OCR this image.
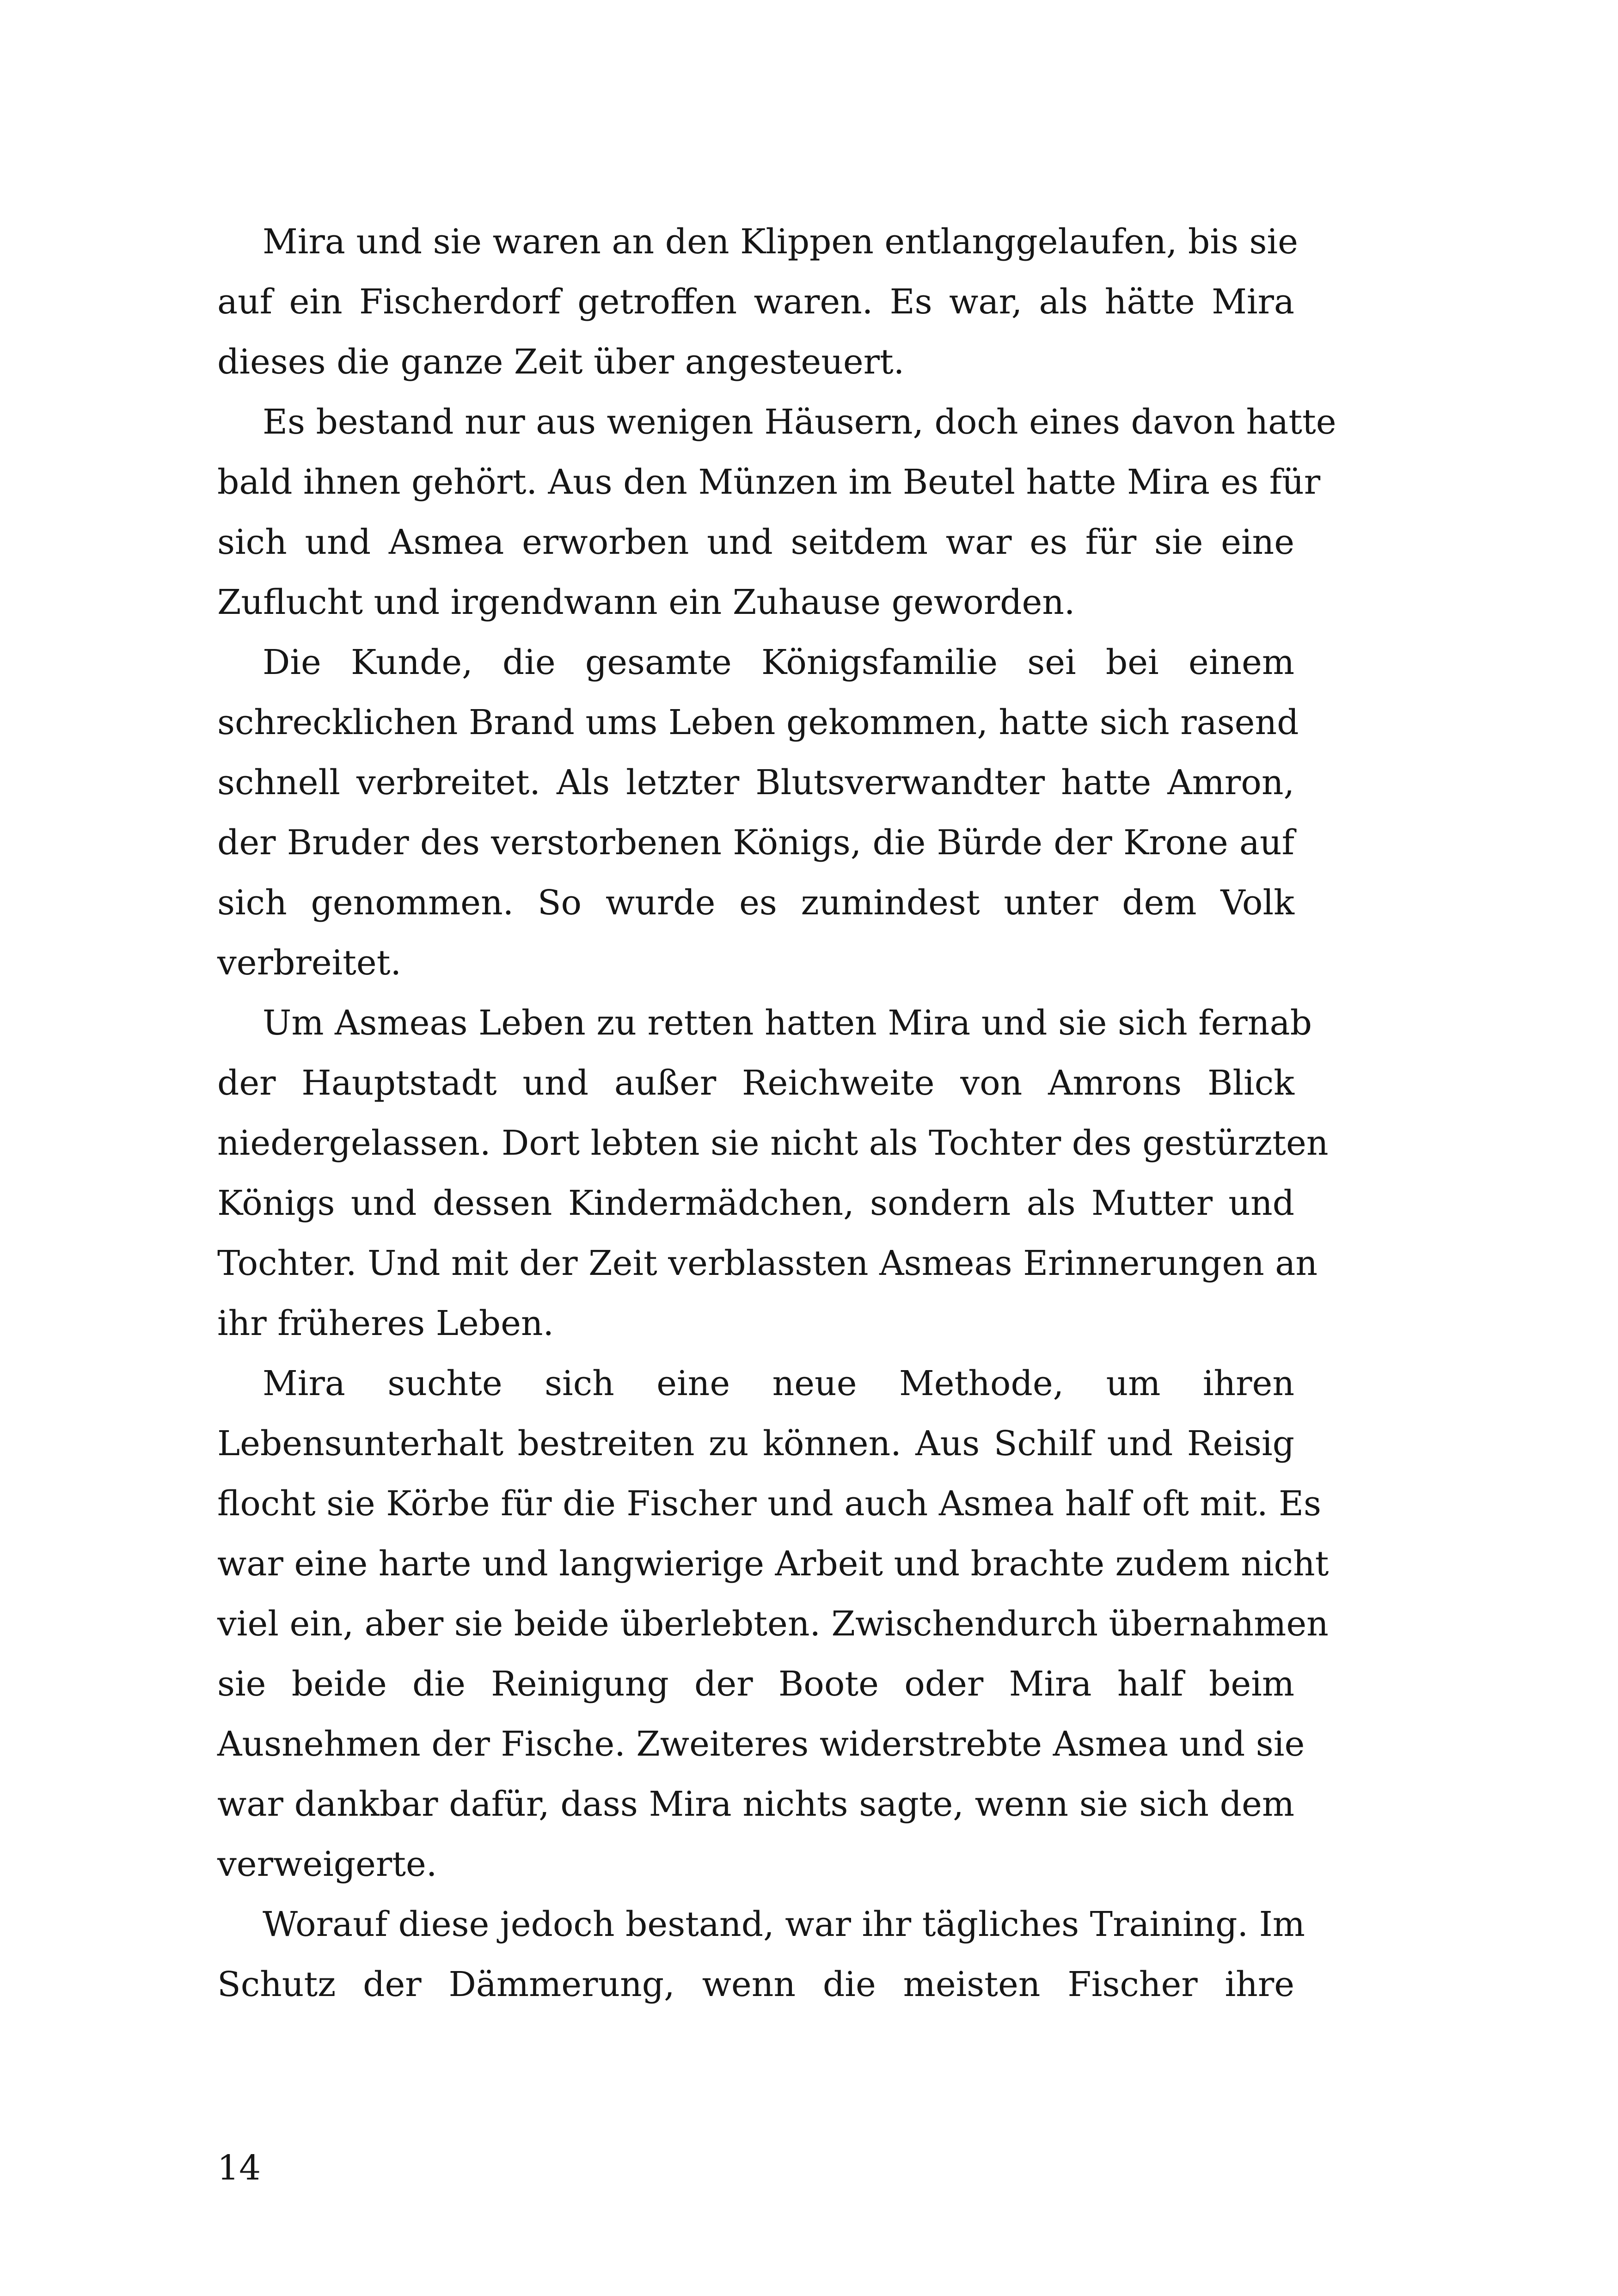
Mira und sie waren an den Klippen entlanggelaufen, bis sie
auf ein Fischerdorf getroffen waren. Es war, als hätte Mira
dieses die ganze Zeit über angesteuert.
Es bestand nur aus wenigen Häusern, doch eines davon hatte
bald ihnen gehört. Aus den Münzen im Beutel hatte Mira es für
sich und Asmea erworben und seitdem war es für sie eine
Zuflucht und irgendwann ein Zuhause geworden.
Die Kunde, die gesamte Königsfamilie sei bei einem
schrecklichen Brand ums Leben gekommen, hatte sich rasend
schnell verbreitet. Als letzter Blutsverwandter hatte Amron,
der Bruder des verstorbenen Königs, die Bürde der Krone auf
sich genommen. So wurde es zumindest unter dem Volk
verbreitet.
Um Asmeas Leben zu retten hatten Mira und sie sich fernab
der Hauptstadt und außer Reichweite von Amrons Blick
niedergelassen. Dort lebten sie nicht als Tochter des gestürzten
Königs und dessen Kindermädchen, sondern als Mutter und
Tochter. Und mit der Zeit verblassten Asmeas Erinnerungen an
ihr früheres Leben.
Mira suchte sich eine neue Methode, um ihren
Lebensunterhalt bestreiten zu können. Aus Schilf und Reisig
flocht sie Körbe für die Fischer und auch Asmea half oft mit. Es
war eine harte und langwierige Arbeit und brachte zudem nicht
viel ein, aber sie beide überlebten. Zwischendurch übernahmen
sie beide die Reinigung der Boote oder Mira half beim
Ausnehmen der Fische. Zweiteres widerstrebte Asmea und sie
war dankbar dafür, dass Mira nichts sagte, wenn sie sich dem
verweigerte.
Worauf diese jedoch bestand, war ihr tägliches Training. Im
Schutz der Dämmerung, wenn die meisten Fischer ihre
14
